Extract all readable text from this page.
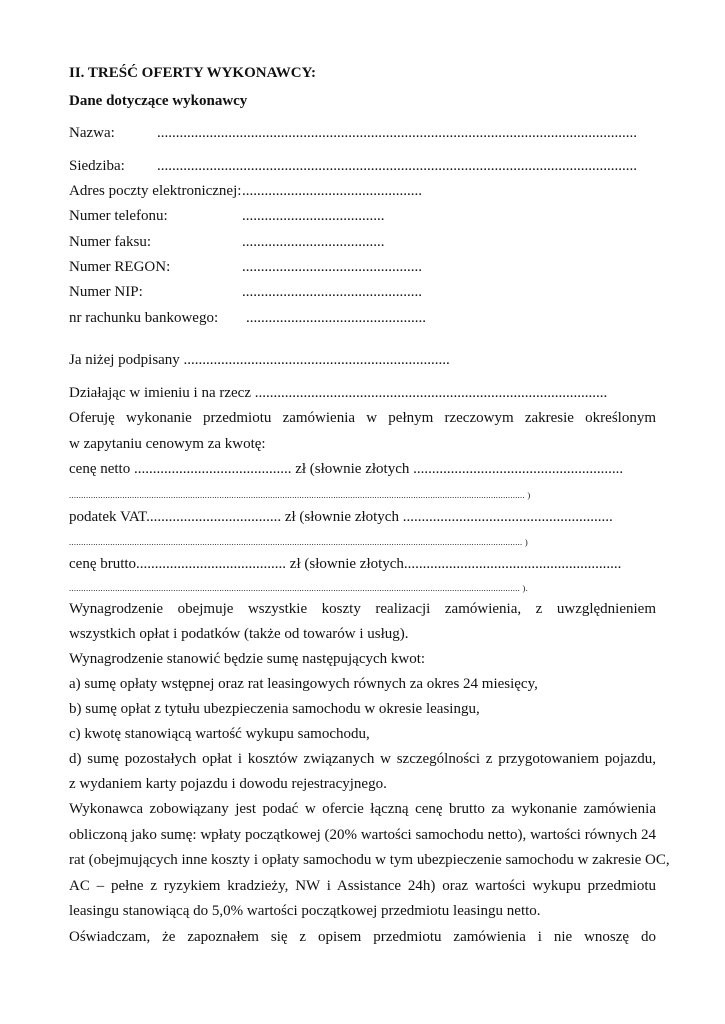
II. TREŚĆ OFERTY WYKONAWCY:
Dane dotyczące wykonawcy
Nazwa:	................................................................................................................................
Siedziba: ................................................................................................................................
Adres poczty elektronicznej: ................................................
Numer telefonu:	......................................
Numer faksu:	......................................
Numer REGON:	................................................
Numer NIP:	................................................
nr rachunku bankowego: ................................................
Ja niżej podpisany .......................................................................
Działając w imieniu i na rzecz ..............................................................................................
Oferuję wykonanie przedmiotu zamówienia w pełnym rzeczowym zakresie określonym
w zapytaniu cenowym za kwotę:
cenę netto .......................................... zł (słownie złotych ........................................................
............................................................................................................................................................................................ )
podatek VAT.................................... zł (słownie złotych ........................................................
........................................................................................................................................................................................... )
cenę brutto........................................ zł (słownie złotych..........................................................
.......................................................................................................................................................................................... ).
Wynagrodzenie obejmuje wszystkie koszty realizacji zamówienia, z uwzględnieniem
wszystkich opłat i podatków (także od towarów i usług).
Wynagrodzenie stanowić będzie sumę następujących kwot:
a) sumę opłaty wstępnej oraz rat leasingowych równych za okres 24 miesięcy,
b) sumę opłat z tytułu ubezpieczenia samochodu w okresie leasingu,
c) kwotę stanowiącą wartość wykupu samochodu,
d) sumę pozostałych opłat i kosztów związanych w szczególności z przygotowaniem pojazdu,
z wydaniem karty pojazdu i dowodu rejestracyjnego.
Wykonawca zobowiązany jest podać w ofercie łączną cenę brutto za wykonanie zamówienia
obliczoną jako sumę: wpłaty początkowej (20% wartości samochodu netto), wartości równych 24
rat (obejmujących inne koszty i opłaty samochodu w tym ubezpieczenie samochodu w zakresie OC,
AC – pełne z ryzykiem kradzieży, NW i Assistance 24h) oraz wartości wykupu przedmiotu
leasingu stanowiącą do 5,0% wartości początkowej przedmiotu leasingu netto.
Oświadczam, że zapoznałem się z opisem przedmiotu zamówienia i nie wnoszę do
